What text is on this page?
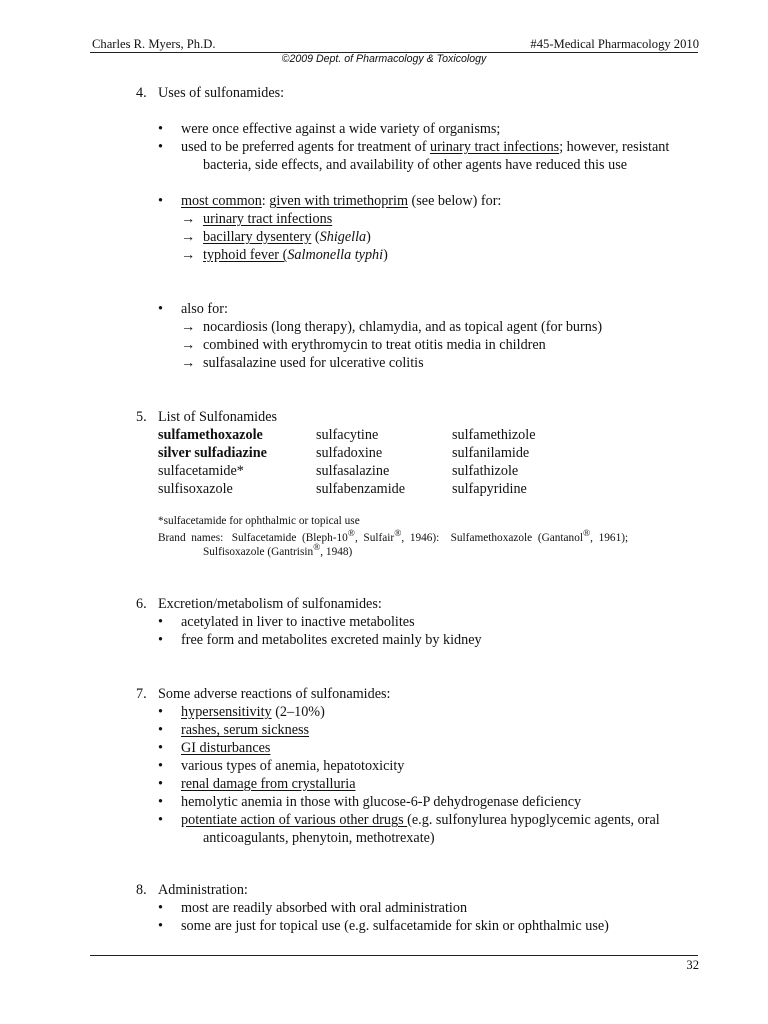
Charles R. Myers, Ph.D.	#45-Medical Pharmacology 2010
©2009 Dept. of Pharmacology & Toxicology
4. Uses of sulfonamides:
• were once effective against a wide variety of organisms;
• used to be preferred agents for treatment of urinary tract infections; however, resistant
bacteria, side effects, and availability of other agents have reduced this use
• most common: given with trimethoprim (see below) for:
→ urinary tract infections
→ bacillary dysentery (Shigella)
→ typhoid fever (Salmonella typhi)
• also for:
→ nocardiosis (long therapy), chlamydia, and as topical agent (for burns)
→ combined with erythromycin to treat otitis media in children
→ sulfasalazine used for ulcerative colitis
5. List of Sulfonamides
sulfamethoxazole	sulfacytine	sulfamethizole
silver sulfadiazine	sulfadoxine	sulfanilamide
sulfacetamide*	sulfasalazine	sulfathizole
sulfisoxazole	sulfabenzamide	sulfapyridine
*sulfacetamide for ophthalmic or topical use
Brand  names:   Sulfacetamide  (Bleph-10®,  Sulfair®,  1946):    Sulfamethoxazole  (Gantanol®,  1961);
Sulfisoxazole (Gantrisin®, 1948)
6. Excretion/metabolism of sulfonamides:
• acetylated in liver to inactive metabolites
• free form and metabolites excreted mainly by kidney
7. Some adverse reactions of sulfonamides:
• hypersensitivity (2–10%)
• rashes, serum sickness
• GI disturbances
• various types of anemia, hepatotoxicity
• renal damage from crystalluria
• hemolytic anemia in those with glucose-6-P dehydrogenase deficiency
• potentiate action of various other drugs (e.g. sulfonylurea hypoglycemic agents, oral
anticoagulants, phenytoin, methotrexate)
8. Administration:
• most are readily absorbed with oral administration
• some are just for topical use (e.g. sulfacetamide for skin or ophthalmic use)
32
